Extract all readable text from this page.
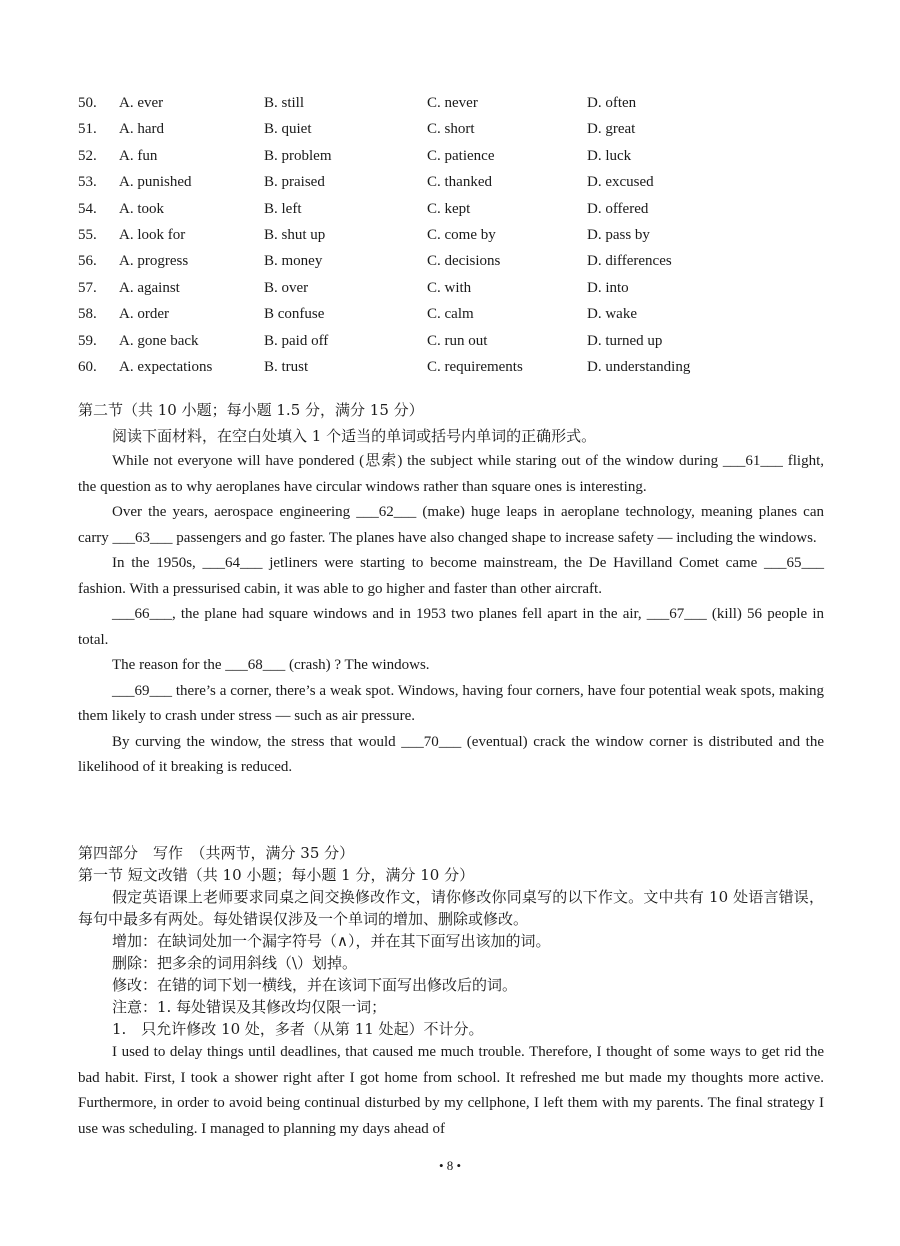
50. A. ever	B. still	C. never	D. often
51. A. hard	B. quiet	C. short	D. great
52. A. fun	B. problem	C. patience	D. luck
53. A. punished	B. praised	C. thanked	D. excused
54. A. took	B. left	C. kept	D. offered
55. A. look for	B. shut up	C. come by	D. pass by
56. A. progress	B. money	C. decisions	D. differences
57. A. against	B. over	C. with	D. into
58. A. order	B confuse	C. calm	D. wake
59. A. gone back	B. paid off	C. run out	D. turned up
60. A. expectations	B. trust	C. requirements	D. understanding

第二节（共 10 小题；每小题 1.5 分，满分 15 分）

阅读下面材料，在空白处填入 1 个适当的单词或括号内单词的正确形式。

While not everyone will have pondered (思索) the subject while staring out of the window during ___61___ flight, the question as to why aeroplanes have circular windows rather than square ones is interesting.

Over the years, aerospace engineering ___62___ (make) huge leaps in aeroplane technology, meaning planes can carry ___63___ passengers and go faster. The planes have also changed shape to increase safety — including the windows.

In the 1950s, ___64___ jetliners were starting to become mainstream, the De Havilland Comet came ___65___ fashion. With a pressurised cabin, it was able to go higher and faster than other aircraft.

___66___, the plane had square windows and in 1953 two planes fell apart in the air, ___67___ (kill) 56 people in total.

The reason for the ___68___ (crash) ? The windows.

___69___ there’s a corner, there’s a weak spot. Windows, having four corners, have four potential weak spots, making them likely to crash under stress — such as air pressure.

By curving the window, the stress that would ___70___ (eventual) crack the window corner is distributed and the likelihood of it breaking is reduced.

第四部分　写作　（共两节，满分 35 分）

第一节 短文改错（共 10 小题；每小题 1 分，满分 10 分）

假定英语课上老师要求同桌之间交换修改作文，请你修改你同桌写的以下作文。文中共有 10 处语言错误，每句中最多有两处。每处错误仅涉及一个单词的增加、删除或修改。

增加：在缺词处加一个漏字符号（∧），并在其下面写出该加的词。

删除：把多余的词用斜线（\）划掉。

修改：在错的词下划一横线，并在该词下面写出修改后的词。

注意：1. 每处错误及其修改均仅限一词；

1.　只允许修改 10 处，多者（从第 11 处起）不计分。

I used to delay things until deadlines, that caused me much trouble. Therefore, I thought of some ways to get rid the bad habit. First, I took a shower right after I got home from school. It refreshed me but made my thoughts more active. Furthermore, in order to avoid being continual disturbed by my cellphone, I left them with my parents. The final strategy I use was scheduling. I managed to planning my days ahead of

• 8 •
